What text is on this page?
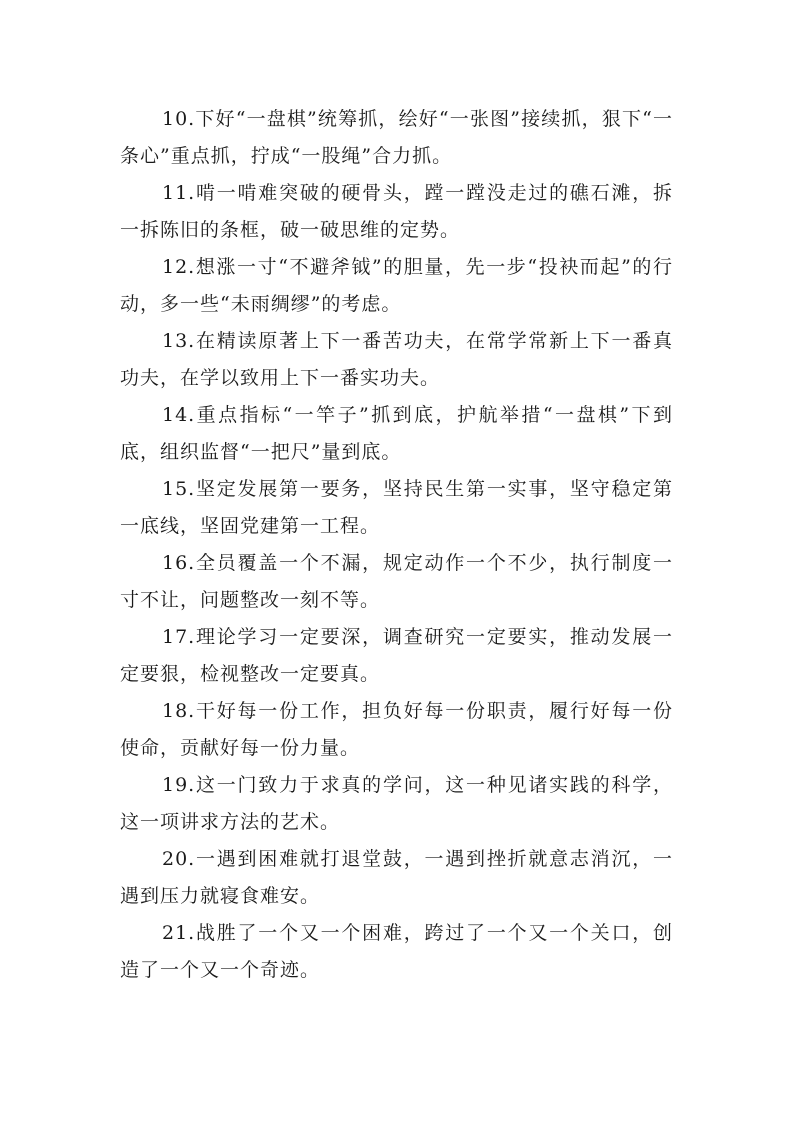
10.下好“一盘棋”统筹抓，绘好“一张图”接续抓，狠下“一条心”重点抓，拧成“一股绳”合力抓。

11.啃一啃难突破的硬骨头，蹚一蹚没走过的礁石滩，拆一拆陈旧的条框，破一破思维的定势。

12.想涨一寸“不避斧钺”的胆量，先一步“投袂而起”的行动，多一些“未雨绸缪”的考虑。

13.在精读原著上下一番苦功夫，在常学常新上下一番真功夫，在学以致用上下一番实功夫。

14.重点指标“一竿子”抓到底，护航举措“一盘棋”下到底，组织监督“一把尺”量到底。

15.坚定发展第一要务，坚持民生第一实事，坚守稳定第一底线，坚固党建第一工程。

16.全员覆盖一个不漏，规定动作一个不少，执行制度一寸不让，问题整改一刻不等。

17.理论学习一定要深，调查研究一定要实，推动发展一定要狠，检视整改一定要真。

18.干好每一份工作，担负好每一份职责，履行好每一份使命，贡献好每一份力量。

19.这一门致力于求真的学问，这一种见诸实践的科学，这一项讲求方法的艺术。

20.一遇到困难就打退堂鼓，一遇到挫折就意志消沉，一遇到压力就寝食难安。

21.战胜了一个又一个困难，跨过了一个又一个关口，创造了一个又一个奇迹。
